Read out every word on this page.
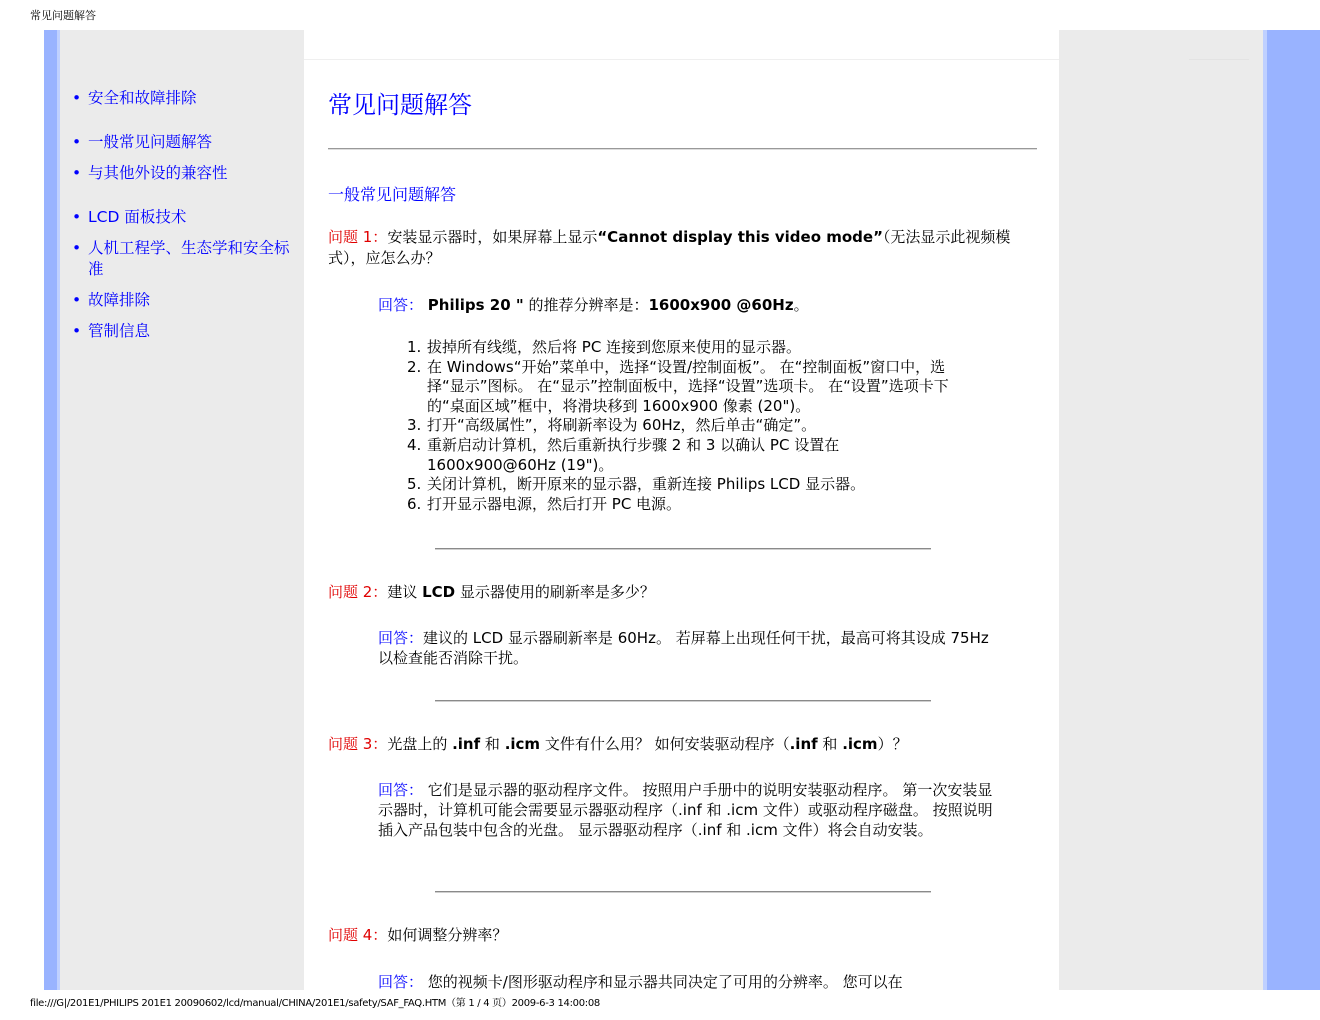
常见问题解答
• 安全和故障排除
• 一般常见问题解答
• 与其他外设的兼容性
• LCD 面板技术
• 人机工程学、生态学和安全标准
• 故障排除
• 管制信息
常见问题解答
一般常见问题解答
问题 1：安装显示器时，如果屏幕上显示“Cannot display this video mode”（无法显示此视频模式），应怎么办？
回答： Philips 20 " 的推荐分辨率是：1600x900 @60Hz。
1. 拔掉所有线缆，然后将 PC 连接到您原来使用的显示器。
2. 在 Windows“开始”菜单中，选择“设置/控制面板”。 在“控制面板”窗口中，选择“显示”图标。 在“显示”控制面板中，选择“设置”选项卡。 在“设置”选项卡下的“桌面区域”框中，将滑块移到 1600x900 像素 (20")。
3. 打开“高级属性”，将刷新率设为 60Hz，然后单击“确定”。
4. 重新启动计算机，然后重新执行步骤 2 和 3 以确认 PC 设置在 1600x900@60Hz (19")。
5. 关闭计算机，断开原来的显示器，重新连接 Philips LCD 显示器。
6. 打开显示器电源，然后打开 PC 电源。
问题 2：建议 LCD 显示器使用的刷新率是多少？
回答：建议的 LCD 显示器刷新率是 60Hz。 若屏幕上出现任何干扰，最高可将其设成 75Hz 以检查能否消除干扰。
问题 3：光盘上的 .inf 和 .icm 文件有什么用？ 如何安装驱动程序（.inf 和 .icm）？
回答： 它们是显示器的驱动程序文件。 按照用户手册中的说明安装驱动程序。 第一次安装显示器时，计算机可能会需要显示器驱动程序（.inf 和 .icm 文件）或驱动程序磁盘。 按照说明插入产品包装中包含的光盘。 显示器驱动程序（.inf 和 .icm 文件）将会自动安装。
问题 4：如何调整分辨率？
回答： 您的视频卡/图形驱动程序和显示器共同决定了可用的分辨率。 您可以在
file:///G|/201E1/PHILIPS 201E1 20090602/lcd/manual/CHINA/201E1/safety/SAF_FAQ.HTM（第 1 / 4 页）2009-6-3 14:00:08
